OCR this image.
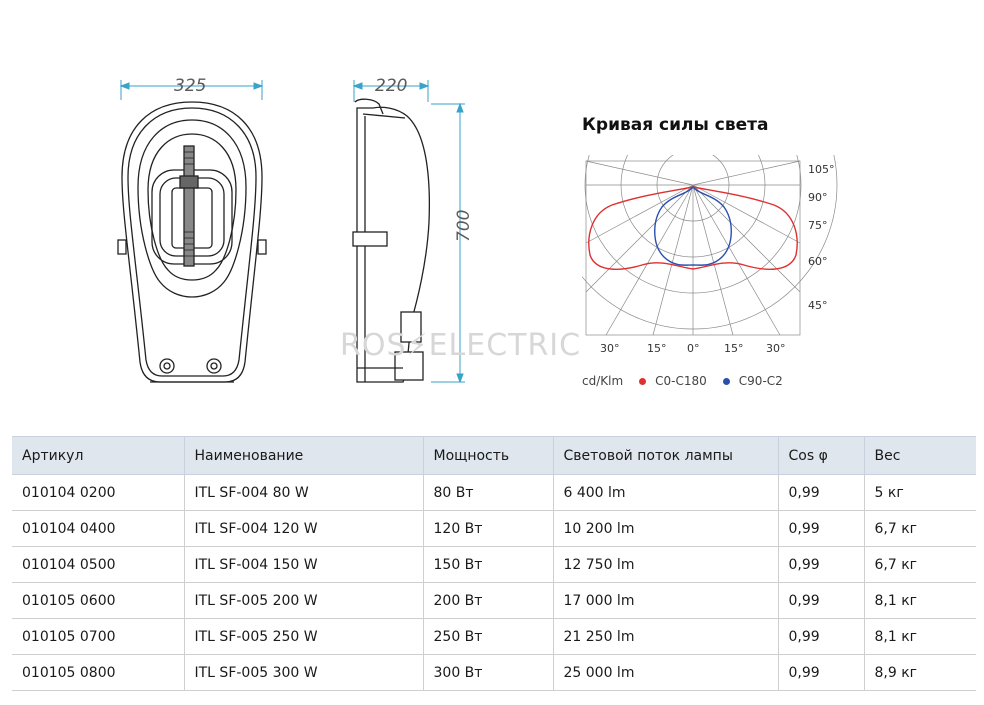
325	220
700
ROS⚡ELECTRIC
Кривая силы света
105°
90°
75°
60°
45°
30°	15° 0° 15° 30°
cd/Klm	C0-C180	C90-C2
Артикул	Наименование	Мощность	Световой поток лампы	Cos φ	Вес
010104 0200	ITL SF-004 80 W	80 Вт	6 400 lm	0,99	5 кг
010104 0400	ITL SF-004 120 W	120 Вт	10 200 lm	0,99	6,7 кг
010104 0500	ITL SF-004 150 W	150 Вт	12 750 lm	0,99	6,7 кг
010105 0600	ITL SF-005 200 W	200 Вт	17 000 lm	0,99	8,1 кг
010105 0700	ITL SF-005 250 W	250 Вт	21 250 lm	0,99	8,1 кг
010105 0800	ITL SF-005 300 W	300 Вт	25 000 lm	0,99	8,9 кг
